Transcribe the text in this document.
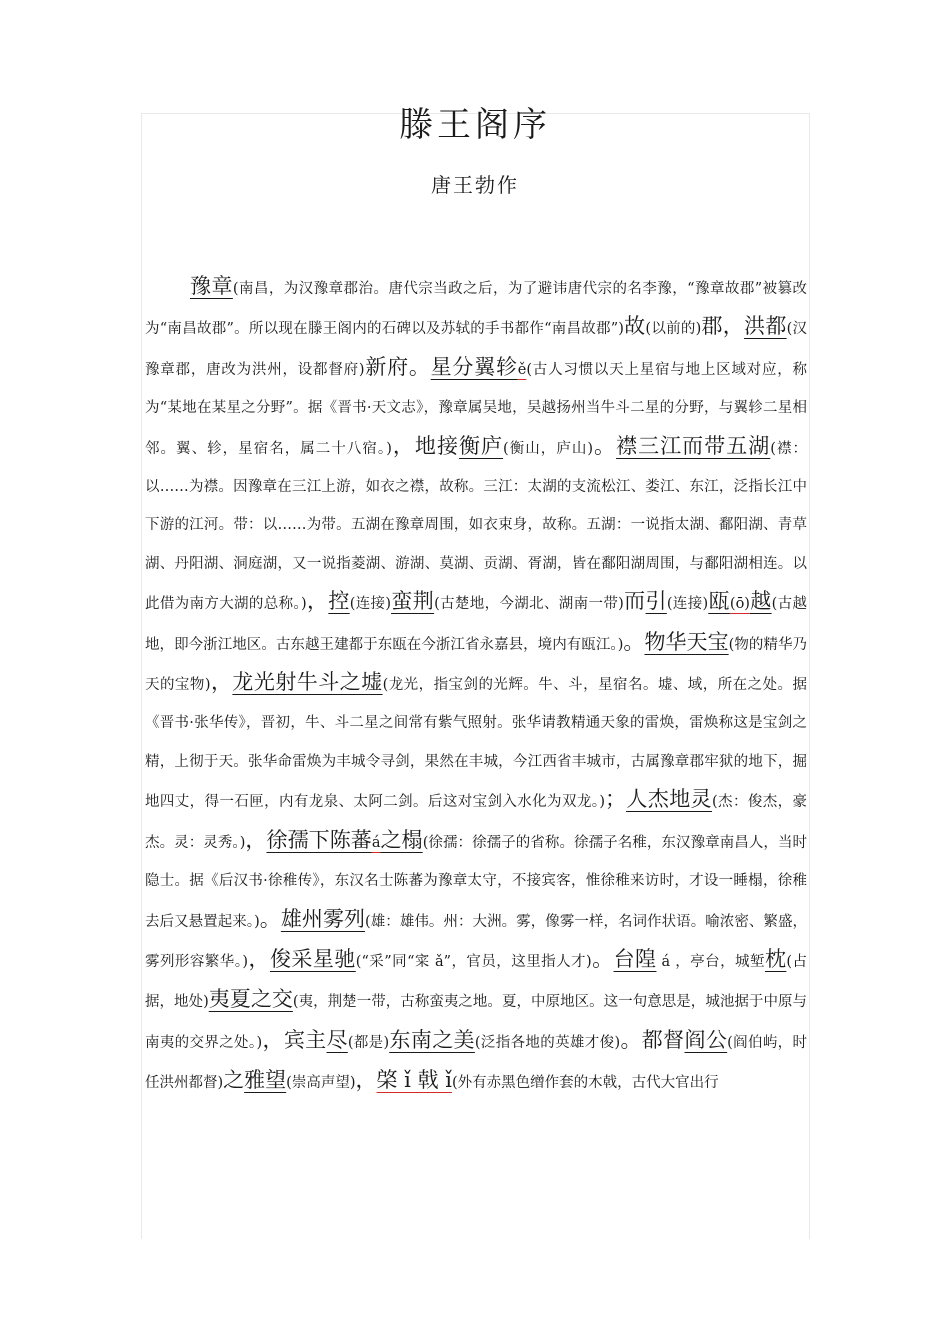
滕王阁序
唐王勃作

豫章(南昌，为汉豫章郡治。唐代宗当政之后，为了避讳唐代宗的名李豫，“豫章故郡”被篡改为“南昌故郡”。所以现在滕王阁内的石碑以及苏轼的手书都作“南昌故郡”)故(以前的)郡，洪都(汉豫章郡，唐改为洪州，设都督府)新府。星分翼轸ě(古人习惯以天上星宿与地上区域对应，称为“某地在某星之分野”。据《晋书·天文志》，豫章属吴地，吴越扬州当牛斗二星的分野，与翼轸二星相邻。翼、轸，星宿名，属二十八宿。)，地接衡庐(衡山，庐山)。襟三江而带五湖(襟：以……为襟。因豫章在三江上游，如衣之襟，故称。三江：太湖的支流松江、娄江、东江，泛指长江中下游的江河。带：以……为带。五湖在豫章周围，如衣束身，故称。五湖：一说指太湖、鄱阳湖、青草湖、丹阳湖、洞庭湖，又一说指菱湖、游湖、莫湖、贡湖、胥湖，皆在鄱阳湖周围，与鄱阳湖相连。以此借为南方大湖的总称。)，控(连接)蛮荆(古楚地，今湖北、湖南一带)而引(连接)瓯(ō)越(古越地，即今浙江地区。古东越王建都于东瓯在今浙江省永嘉县，境内有瓯江。)。物华天宝(物的精华乃天的宝物)，龙光射牛斗之墟(龙光，指宝剑的光辉。牛、斗，星宿名。墟、域，所在之处。据《晋书·张华传》，晋初，牛、斗二星之间常有紫气照射。张华请教精通天象的雷焕，雷焕称这是宝剑之精，上彻于天。张华命雷焕为丰城令寻剑，果然在丰城，今江西省丰城市，古属豫章郡牢狱的地下，掘地四丈，得一石匣，内有龙泉、太阿二剑。后这对宝剑入水化为双龙。)；人杰地灵(杰：俊杰，豪杰。灵：灵秀。)，徐孺下陈蕃á之榻(徐孺：徐孺子的省称。徐孺子名稚，东汉豫章南昌人，当时隐士。据《后汉书·徐稚传》，东汉名士陈蕃为豫章太守，不接宾客，惟徐稚来访时，才设一睡榻，徐稚去后又悬置起来。)。雄州雾列(雄：雄伟。州：大洲。雾，像雾一样，名词作状语。喻浓密、繁盛，雾列形容繁华。)，俊采星驰(“采”同“寀 ǎ”，官员，这里指人才)。台隍 á ，亭台，城堑枕(占据，地处)夷夏之交(夷，荆楚一带，古称蛮夷之地。夏，中原地区。这一句意思是，城池据于中原与南夷的交界之处。)，宾主尽(都是)东南之美(泛指各地的英雄才俊)。都督阎公(阎伯屿，时任洪州都督)之雅望(崇高声望)，棨 ǐ 戟 ǐ(外有赤黑色缯作套的木戟，古代大官出行
